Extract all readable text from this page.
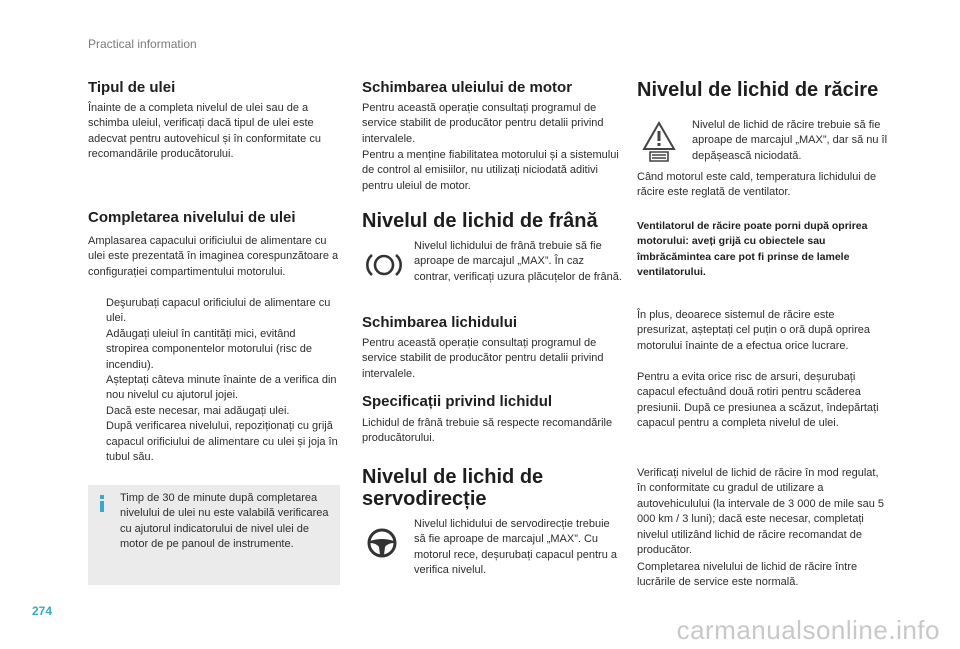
Practical information
Tipul de ulei

Înainte de a completa nivelul de ulei sau de a schimba uleiul, verificați dacă tipul de ulei este adecvat pentru autovehicul și în conformitate cu recomandările producătorului.

Completarea nivelului de ulei

Amplasarea capacului orificiului de alimentare cu ulei este prezentată în imaginea corespunzătoare a configurației compartimentului motorului.

Deşurubați capacul orificiului de alimentare cu ulei.
Adăugați uleiul în cantități mici, evitând stropirea componentelor motorului (risc de incendiu).
Așteptați câteva minute înainte de a verifica din nou nivelul cu ajutorul jojei.
Dacă este necesar, mai adăugați ulei.
După verificarea nivelului, repoziționați cu grijă capacul orificiului de alimentare cu ulei și joja în tubul său.

Timp de 30 de minute după completarea nivelului de ulei nu este valabilă verificarea cu ajutorul indicatorului de nivel ulei de motor de pe panoul de instrumente.

Schimbarea uleiului de motor

Pentru această operație consultați programul de service stabilit de producător pentru detalii privind intervalele.

Pentru a menține fiabilitatea motorului și a sistemului de control al emisiilor, nu utilizați niciodată aditivi pentru uleiul de motor.

Nivelul de lichid de frână

Nivelul lichidului de frână trebuie să fie aproape de marcajul „MAX”. În caz contrar, verificați uzura plăcuțelor de frână.

Schimbarea lichidului

Pentru această operație consultați programul de service stabilit de producător pentru detalii privind intervalele.

Specificații privind lichidul

Lichidul de frână trebuie să respecte recomandările producătorului.

Nivelul de lichid de
servodirecție

Nivelul lichidului de servodirecție trebuie să fie aproape de marcajul „MAX”. Cu motorul rece, deșurubați capacul pentru a verifica nivelul.

Nivelul de lichid de răcire

Nivelul de lichid de răcire trebuie să fie aproape de marcajul „MAX”, dar să nu îl depășească niciodată.

Când motorul este cald, temperatura lichidului de răcire este reglată de ventilator.

Ventilatorul de răcire poate porni după oprirea motorului: aveți grijă cu obiectele sau îmbrăcămintea care pot fi prinse de lamele ventilatorului.

În plus, deoarece sistemul de răcire este presurizat, așteptați cel puțin o oră după oprirea motorului înainte de a efectua orice lucrare.

Pentru a evita orice risc de arsuri, deșurubați capacul efectuând două rotiri pentru scăderea presiunii. După ce presiunea a scăzut, îndepărtați capacul pentru a completa nivelul de ulei.

Verificați nivelul de lichid de răcire în mod regulat, în conformitate cu gradul de utilizare a autovehiculului (la intervale de 3 000 de mile sau 5 000 km / 3 luni); dacă este necesar, completați nivelul utilizând lichid de răcire recomandat de producător.

Completarea nivelului de lichid de răcire între lucrările de service este normală.

274
carmanualsonline.info
